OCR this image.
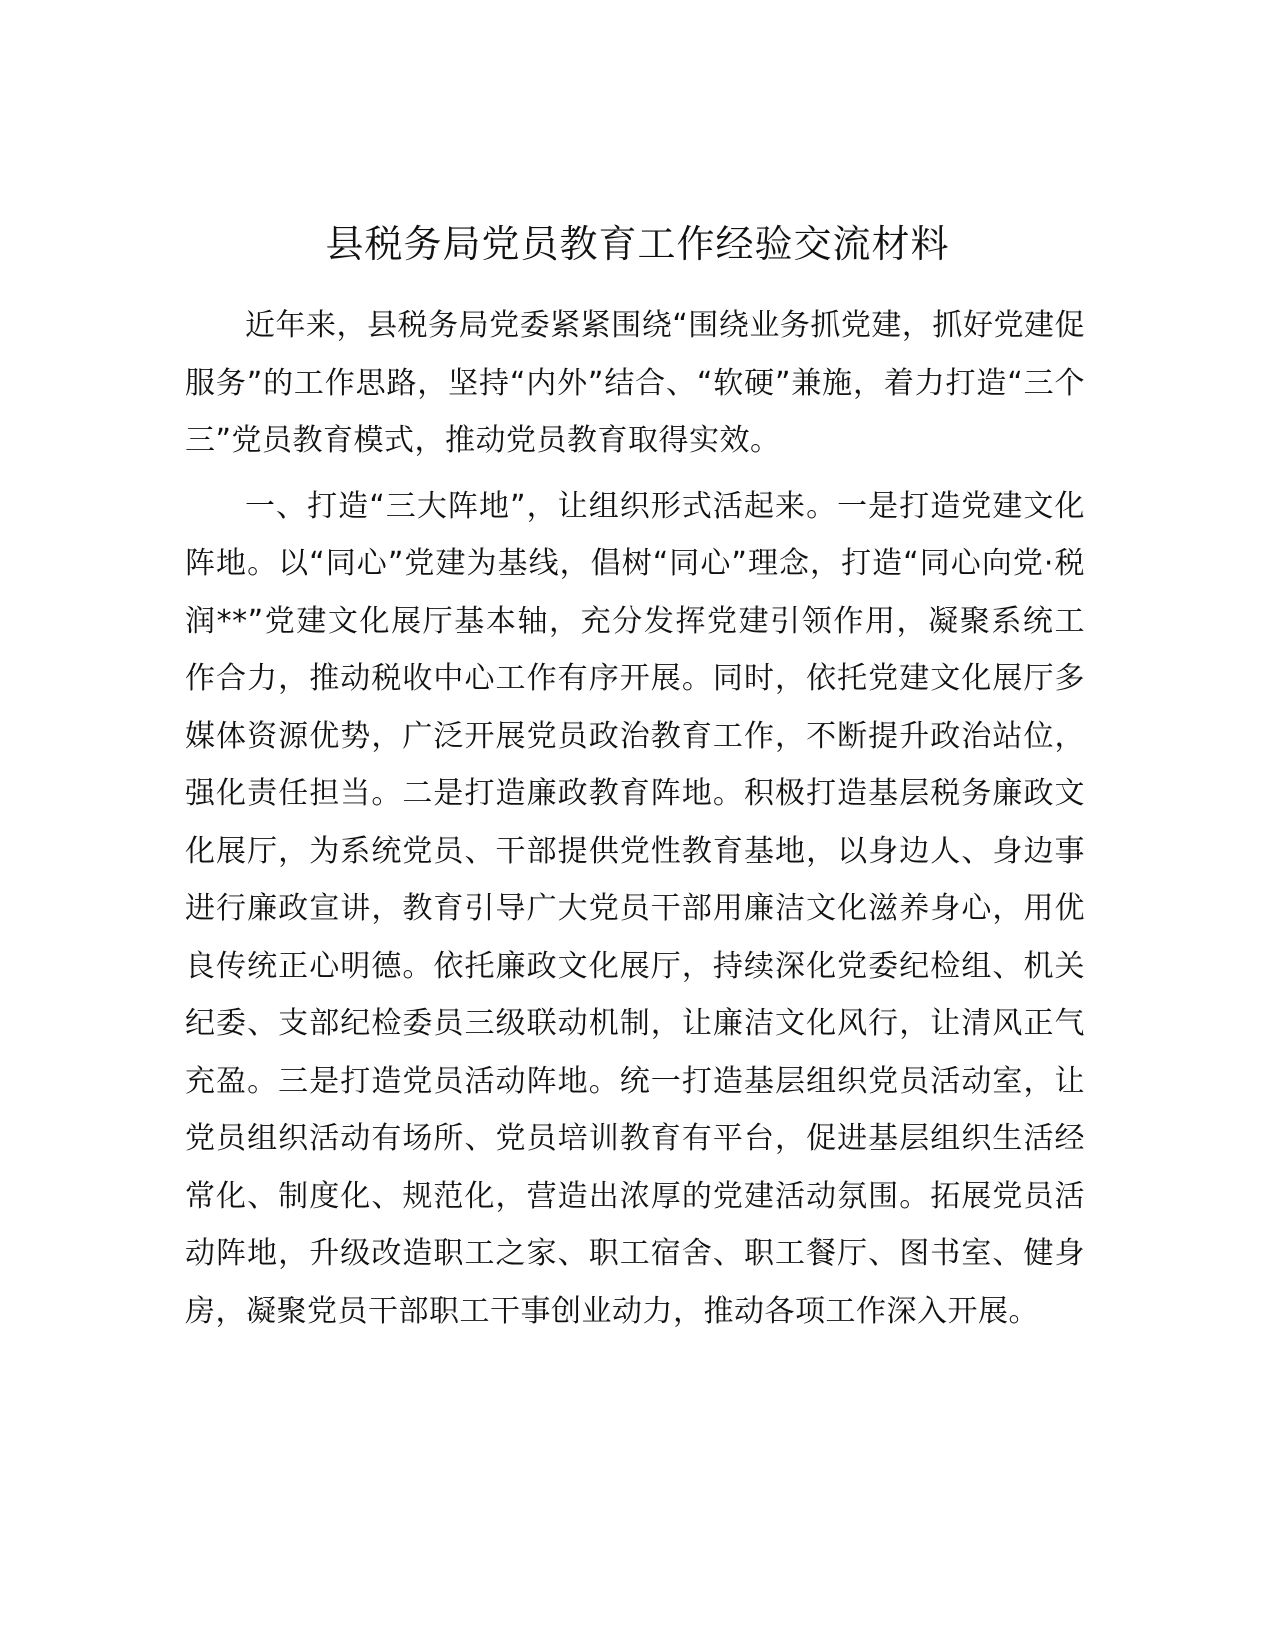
县税务局党员教育工作经验交流材料

近年来，县税务局党委紧紧围绕“围绕业务抓党建，抓好党建促服务”的工作思路，坚持“内外”结合、“软硬”兼施，着力打造“三个三”党员教育模式，推动党员教育取得实效。

一、打造“三大阵地”，让组织形式活起来。一是打造党建文化阵地。以“同心”党建为基线，倡树“同心”理念，打造“同心向党·税润**”党建文化展厅基本轴，充分发挥党建引领作用，凝聚系统工作合力，推动税收中心工作有序开展。同时，依托党建文化展厅多媒体资源优势，广泛开展党员政治教育工作，不断提升政治站位，强化责任担当。二是打造廉政教育阵地。积极打造基层税务廉政文化展厅，为系统党员、干部提供党性教育基地，以身边人、身边事进行廉政宣讲，教育引导广大党员干部用廉洁文化滋养身心，用优良传统正心明德。依托廉政文化展厅，持续深化党委纪检组、机关纪委、支部纪检委员三级联动机制，让廉洁文化风行，让清风正气充盈。三是打造党员活动阵地。统一打造基层组织党员活动室，让党员组织活动有场所、党员培训教育有平台，促进基层组织生活经常化、制度化、规范化，营造出浓厚的党建活动氛围。拓展党员活动阵地，升级改造职工之家、职工宿舍、职工餐厅、图书室、健身房，凝聚党员干部职工干事创业动力，推动各项工作深入开展。
